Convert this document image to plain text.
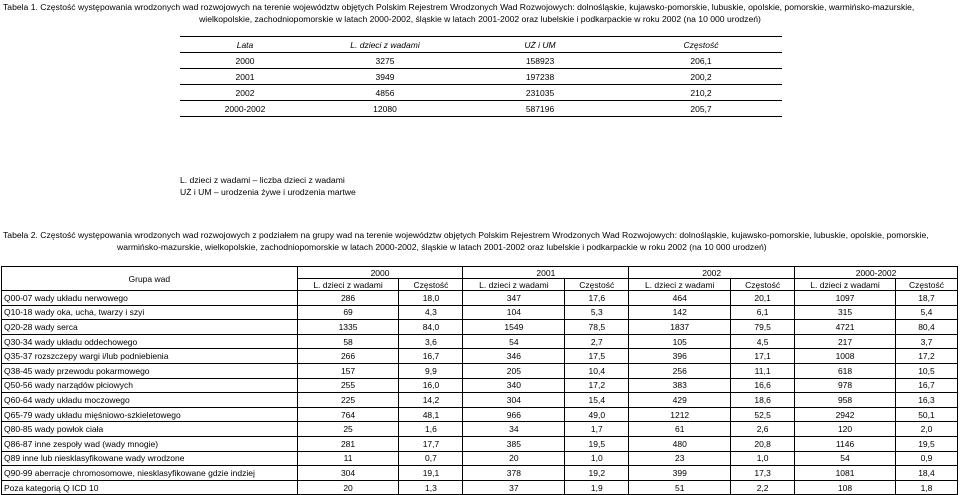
Tabela 1. Częstość występowania wrodzonych wad rozwojowych na terenie województw objętych Polskim Rejestrem Wrodzonych Wad Rozwojowych: dolnośląskie, kujawsko-pomorskie, lubuskie, opolskie, pomorskie, warmińsko-mazurskie,
wielkopolskie, zachodniopomorskie w latach 2000-2002, śląskie w latach 2001-2002 oraz lubelskie i podkarpackie w roku 2002 (na 10 000 urodzeń)
Lata	L. dzieci z wadami	UŻ i UM	Częstość
2000	3275	158923	206,1
2001	3949	197238	200,2
2002	4856	231035	210,2
2000-2002	12080	587196	205,7
L. dzieci z wadami – liczba dzieci z wadami
UŻ i UM – urodzenia żywe i urodzenia martwe
Tabela 2. Częstość występowania wrodzonych wad rozwojowych z podziałem na grupy wad na terenie województw objętych Polskim Rejestrem Wrodzonych Wad Rozwojowych: dolnośląskie, kujawsko-pomorskie, lubuskie, opolskie, pomorskie,
warmińsko-mazurskie, wielkopolskie, zachodniopomorskie w latach 2000-2002, śląskie w latach 2001-2002 oraz lubelskie i podkarpackie w roku 2002 (na 10 000 urodzeń)
Grupa wad	2000		2001		2002		2000-2002	
	L. dzieci z wadami	Częstość	L. dzieci z wadami	Częstość	L. dzieci z wadami	Częstość	L. dzieci z wadami	Częstość
Q00-07 wady układu nerwowego	286	18,0	347	17,6	464	20,1	1097	18,7
Q10-18 wady oka, ucha, twarzy i szyi	69	4,3	104	5,3	142	6,1	315	5,4
Q20-28 wady serca	1335	84,0	1549	78,5	1837	79,5	4721	80,4
Q30-34 wady układu oddechowego	58	3,6	54	2,7	105	4,5	217	3,7
Q35-37 rozszczepy wargi i/lub podniebienia	266	16,7	346	17,5	396	17,1	1008	17,2
Q38-45 wady przewodu pokarmowego	157	9,9	205	10,4	256	11,1	618	10,5
Q50-56 wady narządów płciowych	255	16,0	340	17,2	383	16,6	978	16,7
Q60-64 wady układu moczowego	225	14,2	304	15,4	429	18,6	958	16,3
Q65-79 wady układu mięśniowo-szkieletowego	764	48,1	966	49,0	1212	52,5	2942	50,1
Q80-85 wady powłok ciała	25	1,6	34	1,7	61	2,6	120	2,0
Q86-87 inne zespoły wad (wady mnogie)	281	17,7	385	19,5	480	20,8	1146	19,5
Q89 inne lub niesklasyfikowane wady wrodzone	11	0,7	20	1,0	23	1,0	54	0,9
Q90-99 aberracje chromosomowe, niesklasyfikowane gdzie indziej	304	19,1	378	19,2	399	17,3	1081	18,4
Poza kategorią Q ICD 10	20	1,3	37	1,9	51	2,2	108	1,8
